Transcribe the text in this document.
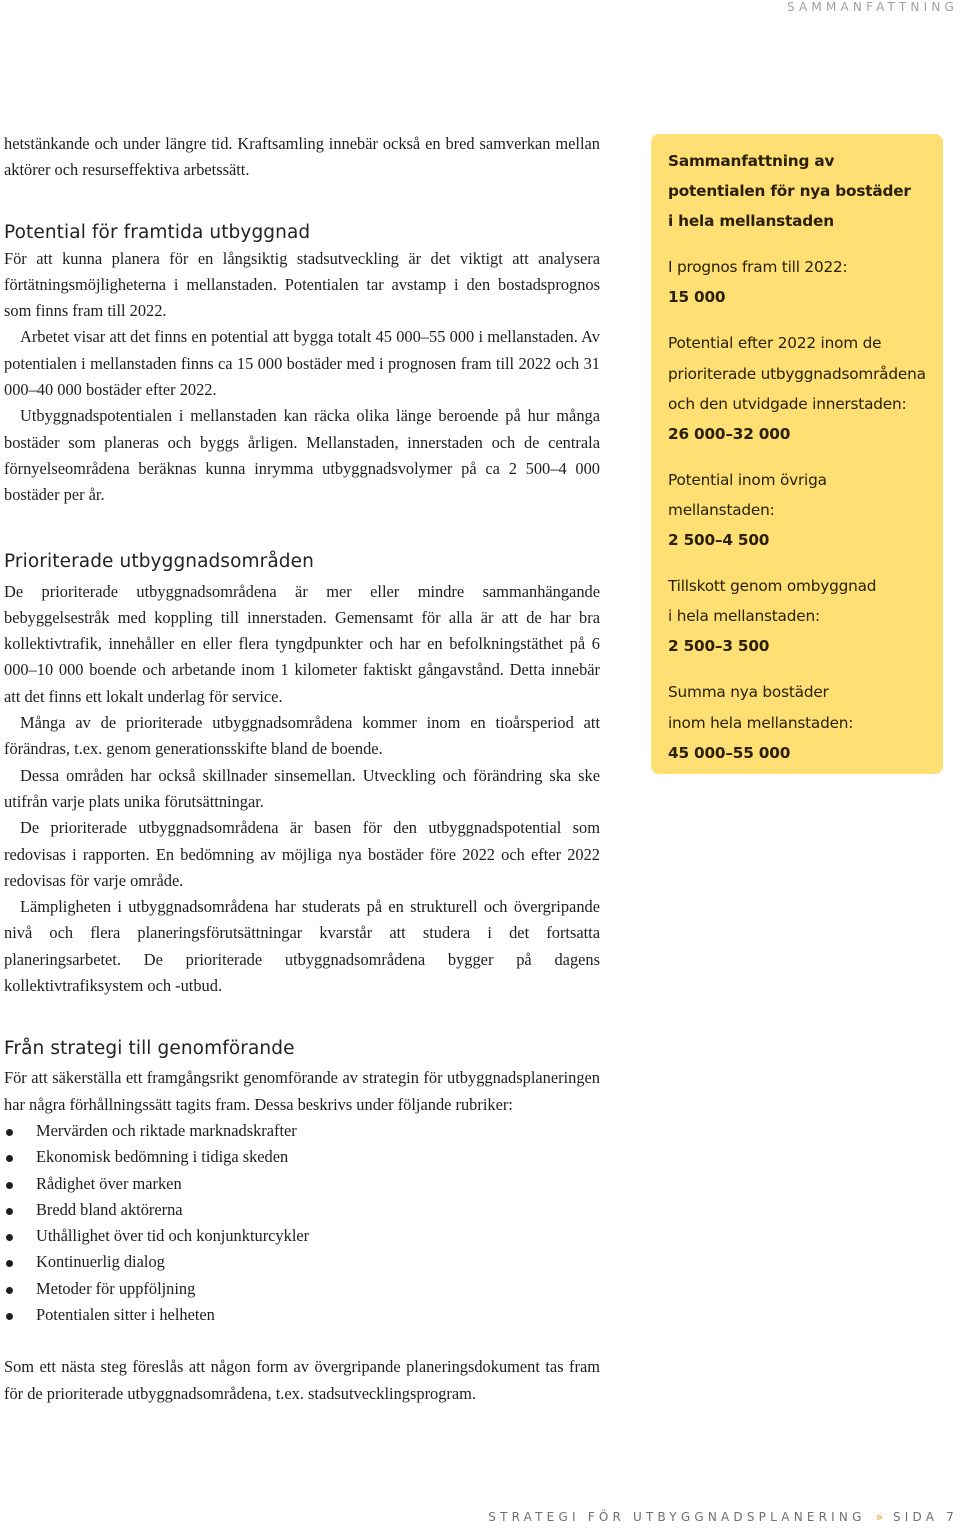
SAMMANFATTNING

hetstänkande och under längre tid. Kraftsamling innebär också en bred samverkan mellan aktörer och resurseffektiva arbetssätt.

Potential för framtida utbyggnad

För att kunna planera för en långsiktig stadsutveckling är det viktigt att analysera förtätningsmöjligheterna i mellanstaden. Potentialen tar avstamp i den bostadsprognos som finns fram till 2022.

Arbetet visar att det finns en potential att bygga totalt 45 000–55 000 i mellanstaden. Av potentialen i mellanstaden finns ca 15 000 bostäder med i prognosen fram till 2022 och 31 000–40 000 bostäder efter 2022.

Utbyggnadspotentialen i mellanstaden kan räcka olika länge beroende på hur många bostäder som planeras och byggs årligen. Mellanstaden, innerstaden och de centrala förnyelseområdena beräknas kunna inrymma utbyggnadsvolymer på ca 2 500–4 000 bostäder per år.

Prioriterade utbyggnadsområden

De prioriterade utbyggnadsområdena är mer eller mindre sammanhängande bebyggelsestråk med koppling till innerstaden. Gemensamt för alla är att de har bra kollektivtrafik, innehåller en eller flera tyngdpunkter och har en befolkningstäthet på 6 000–10 000 boende och arbetande inom 1 kilometer faktiskt gångavstånd. Detta innebär att det finns ett lokalt underlag för service.

Många av de prioriterade utbyggnadsområdena kommer inom en tioårsperiod att förändras, t.ex. genom generationsskifte bland de boende.

Dessa områden har också skillnader sinsemellan. Utveckling och förändring ska ske utifrån varje plats unika förutsättningar.

De prioriterade utbyggnadsområdena är basen för den utbyggnadspotential som redovisas i rapporten. En bedömning av möjliga nya bostäder före 2022 och efter 2022 redovisas för varje område.

Lämpligheten i utbyggnadsområdena har studerats på en strukturell och övergripande nivå och flera planeringsförutsättningar kvarstår att studera i det fortsatta planeringsarbetet. De prioriterade utbyggnadsområdena bygger på dagens kollektivtrafiksystem och -utbud.

Från strategi till genomförande

För att säkerställa ett framgångsrikt genomförande av strategin för utbyggnadsplaneringen har några förhållningssätt tagits fram. Dessa beskrivs under följande rubriker:

Mervärden och riktade marknadskrafter
Ekonomisk bedömning i tidiga skeden
Rådighet över marken
Bredd bland aktörerna
Uthållighet över tid och konjunkturcykler
Kontinuerlig dialog
Metoder för uppföljning
Potentialen sitter i helheten

Som ett nästa steg föreslås att någon form av övergripande planeringsdokument tas fram för de prioriterade utbyggnadsområdena, t.ex. stadsutvecklingsprogram.

Sammanfattning av
potentialen för nya bostäder
i hela mellanstaden

I prognos fram till 2022:
15 000

Potential efter 2022 inom de
prioriterade utbyggnadsområdena
och den utvidgade innerstaden:
26 000–32 000

Potential inom övriga
mellanstaden:
2 500–4 500

Tillskott genom ombyggnad
i hela mellanstaden:
2 500–3 500

Summa nya bostäder
inom hela mellanstaden:
45 000–55 000

STRATEGI FÖR UTBYGGNADSPLANERING » SIDA 7
